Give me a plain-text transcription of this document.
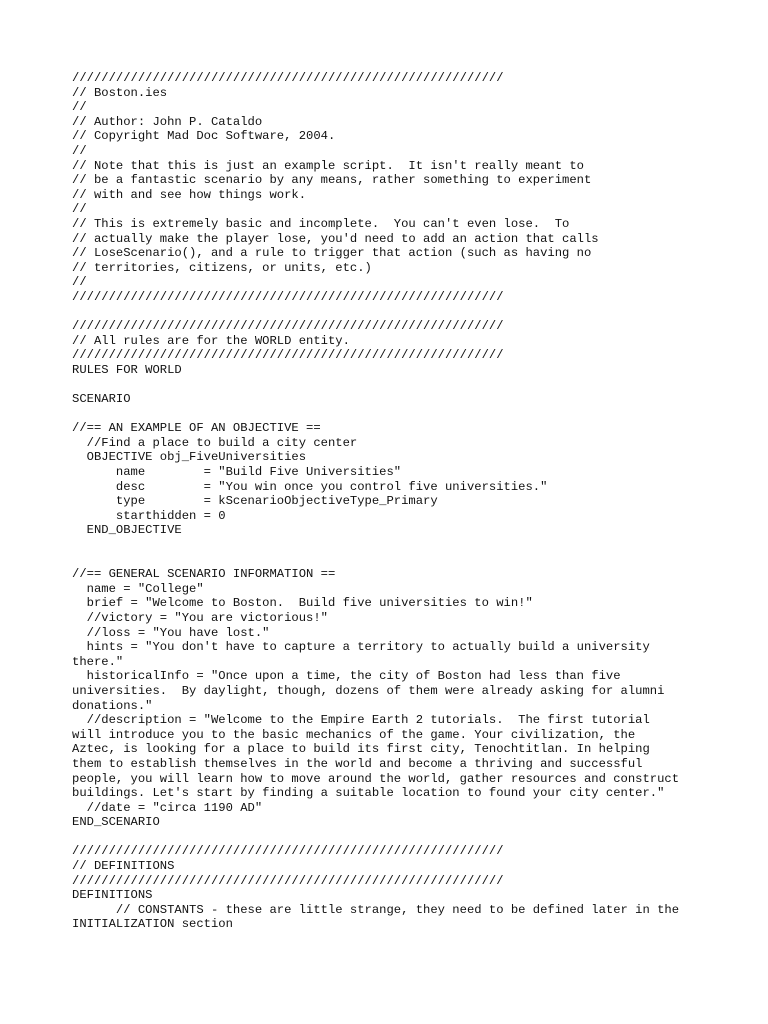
///////////////////////////////////////////////////////////
// Boston.ies
//
// Author: John P. Cataldo
// Copyright Mad Doc Software, 2004.
//
// Note that this is just an example script.  It isn't really meant to
// be a fantastic scenario by any means, rather something to experiment
// with and see how things work.
//
// This is extremely basic and incomplete.  You can't even lose.  To
// actually make the player lose, you'd need to add an action that calls
// LoseScenario(), and a rule to trigger that action (such as having no
// territories, citizens, or units, etc.)
//
///////////////////////////////////////////////////////////
///////////////////////////////////////////////////////////
// All rules are for the WORLD entity.
///////////////////////////////////////////////////////////
RULES FOR WORLD
SCENARIO
//== AN EXAMPLE OF AN OBJECTIVE ==
//Find a place to build a city center
OBJECTIVE obj_FiveUniversities
name        = "Build Five Universities"
desc        = "You win once you control five universities."
type        = kScenarioObjectiveType_Primary
starthidden = 0
END_OBJECTIVE
//== GENERAL SCENARIO INFORMATION ==
name = "College"
brief = "Welcome to Boston.  Build five universities to win!"
//victory = "You are victorious!"
//loss = "You have lost."
hints = "You don't have to capture a territory to actually build a university
there."
historicalInfo = "Once upon a time, the city of Boston had less than five
universities.  By daylight, though, dozens of them were already asking for alumni
donations."
//description = "Welcome to the Empire Earth 2 tutorials.  The first tutorial
will introduce you to the basic mechanics of the game. Your civilization, the
Aztec, is looking for a place to build its first city, Tenochtitlan. In helping
them to establish themselves in the world and become a thriving and successful
people, you will learn how to move around the world, gather resources and construct
buildings. Let's start by finding a suitable location to found your city center."
//date = "circa 1190 AD"
END_SCENARIO
///////////////////////////////////////////////////////////
// DEFINITIONS
///////////////////////////////////////////////////////////
DEFINITIONS
// CONSTANTS - these are little strange, they need to be defined later in the
INITIALIZATION section
